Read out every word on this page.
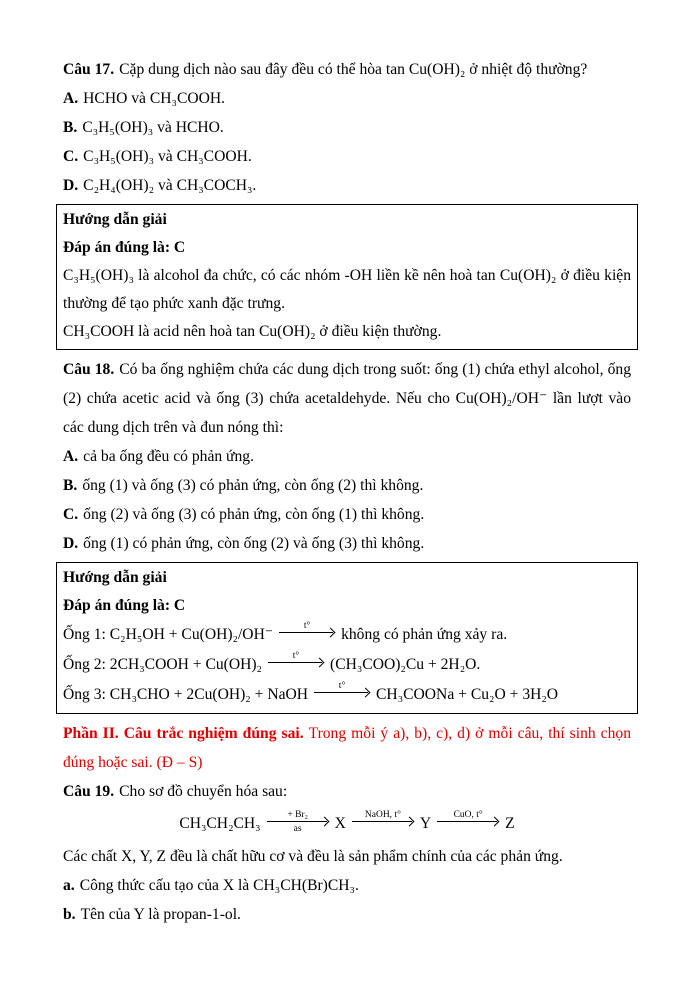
Câu 17. Cặp dung dịch nào sau đây đều có thể hòa tan Cu(OH)₂ ở nhiệt độ thường?

A. HCHO và CH₃COOH.

B. C₃H₅(OH)₃ và HCHO.

C. C₃H₅(OH)₃ và CH₃COOH.

D. C₂H₄(OH)₂ và CH₃COCH₃.

Hướng dẫn giải

Đáp án đúng là: C

C₃H₅(OH)₃ là alcohol đa chức, có các nhóm -OH liền kề nên hoà tan Cu(OH)₂ ở điều kiện thường để tạo phức xanh đặc trưng.

CH₃COOH là acid nên hoà tan Cu(OH)₂ ở điều kiện thường.

Câu 18. Có ba ống nghiệm chứa các dung dịch trong suốt: ống (1) chứa ethyl alcohol, ống (2) chứa acetic acid và ống (3) chứa acetaldehyde. Nếu cho Cu(OH)₂/OH⁻ lần lượt vào các dung dịch trên và đun nóng thì:

A. cả ba ống đều có phản ứng.

B. ống (1) và ống (3) có phản ứng, còn ống (2) thì không.

C. ống (2) và ống (3) có phản ứng, còn ống (1) thì không.

D. ống (1) có phản ứng, còn ống (2) và ống (3) thì không.

Hướng dẫn giải

Đáp án đúng là: C

Ống 1: C₂H₅OH + Cu(OH)₂/OH⁻	t° không có phản ứng xảy ra.

Ống 2: 2CH₃COOH + Cu(OH)₂	t° (CH₃COO)₂Cu + 2H₂O.

Ống 3: CH₃CHO + 2Cu(OH)₂ + NaOH	t° CH₃COONa + Cu₂O + 3H₂O

Phần II. Câu trắc nghiệm đúng sai. Trong mỗi ý a), b), c), d) ở mỗi câu, thí sinh chọn đúng hoặc sai. (Đ – S)

Câu 19. Cho sơ đồ chuyển hóa sau:

CH₃CH₂CH₃	+ Br₂
as X NaOH, t° Y CuO, t° Z

Các chất X, Y, Z đều là chất hữu cơ và đều là sản phẩm chính của các phản ứng.

a. Công thức cấu tạo của X là CH₃CH(Br)CH₃.

b. Tên của Y là propan-1-ol.
